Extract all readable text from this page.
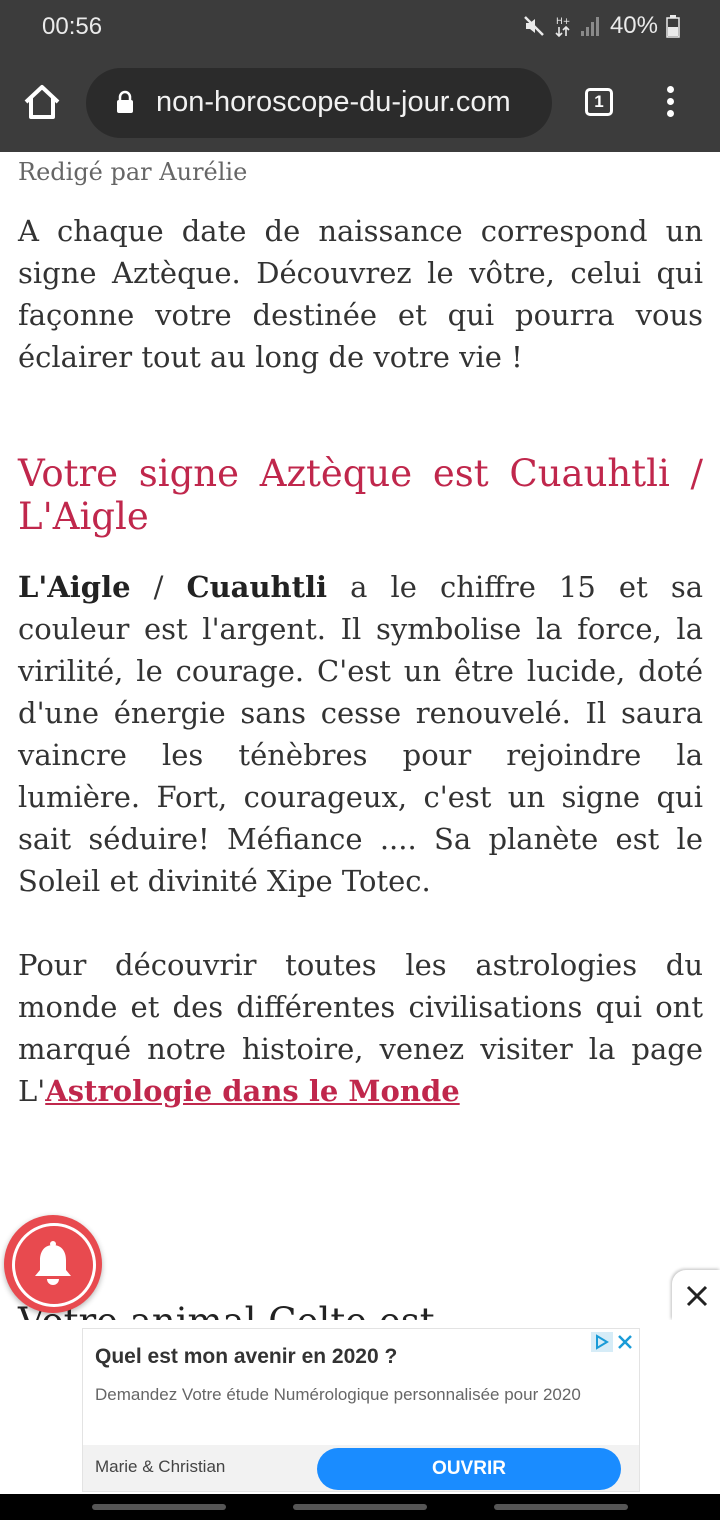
00:56	H+ 40%
non-horoscope-du-jour.com	1
Redigé par Aurélie

A chaque date de naissance correspond un signe Aztèque. Découvrez le vôtre, celui qui façonne votre destinée et qui pourra vous éclairer tout au long de votre vie !

Votre signe Aztèque est Cuauhtli / L'Aigle

L'Aigle / Cuauhtli a le chiffre 15 et sa couleur est l'argent. Il symbolise la force, la virilité, le courage. C'est un être lucide, doté d'une énergie sans cesse renouvelé. Il saura vaincre les ténèbres pour rejoindre la lumière. Fort, courageux, c'est un signe qui sait séduire! Méfiance .... Sa planète est le Soleil et divinité Xipe Totec.

Pour découvrir toutes les astrologies du monde et des différentes civilisations qui ont marqué notre histoire, venez visiter la page L'Astrologie dans le Monde

Quel est mon avenir en 2020 ?
Demandez Votre étude Numérologique personnalisée pour 2020
Marie & Christian	OUVRIR
